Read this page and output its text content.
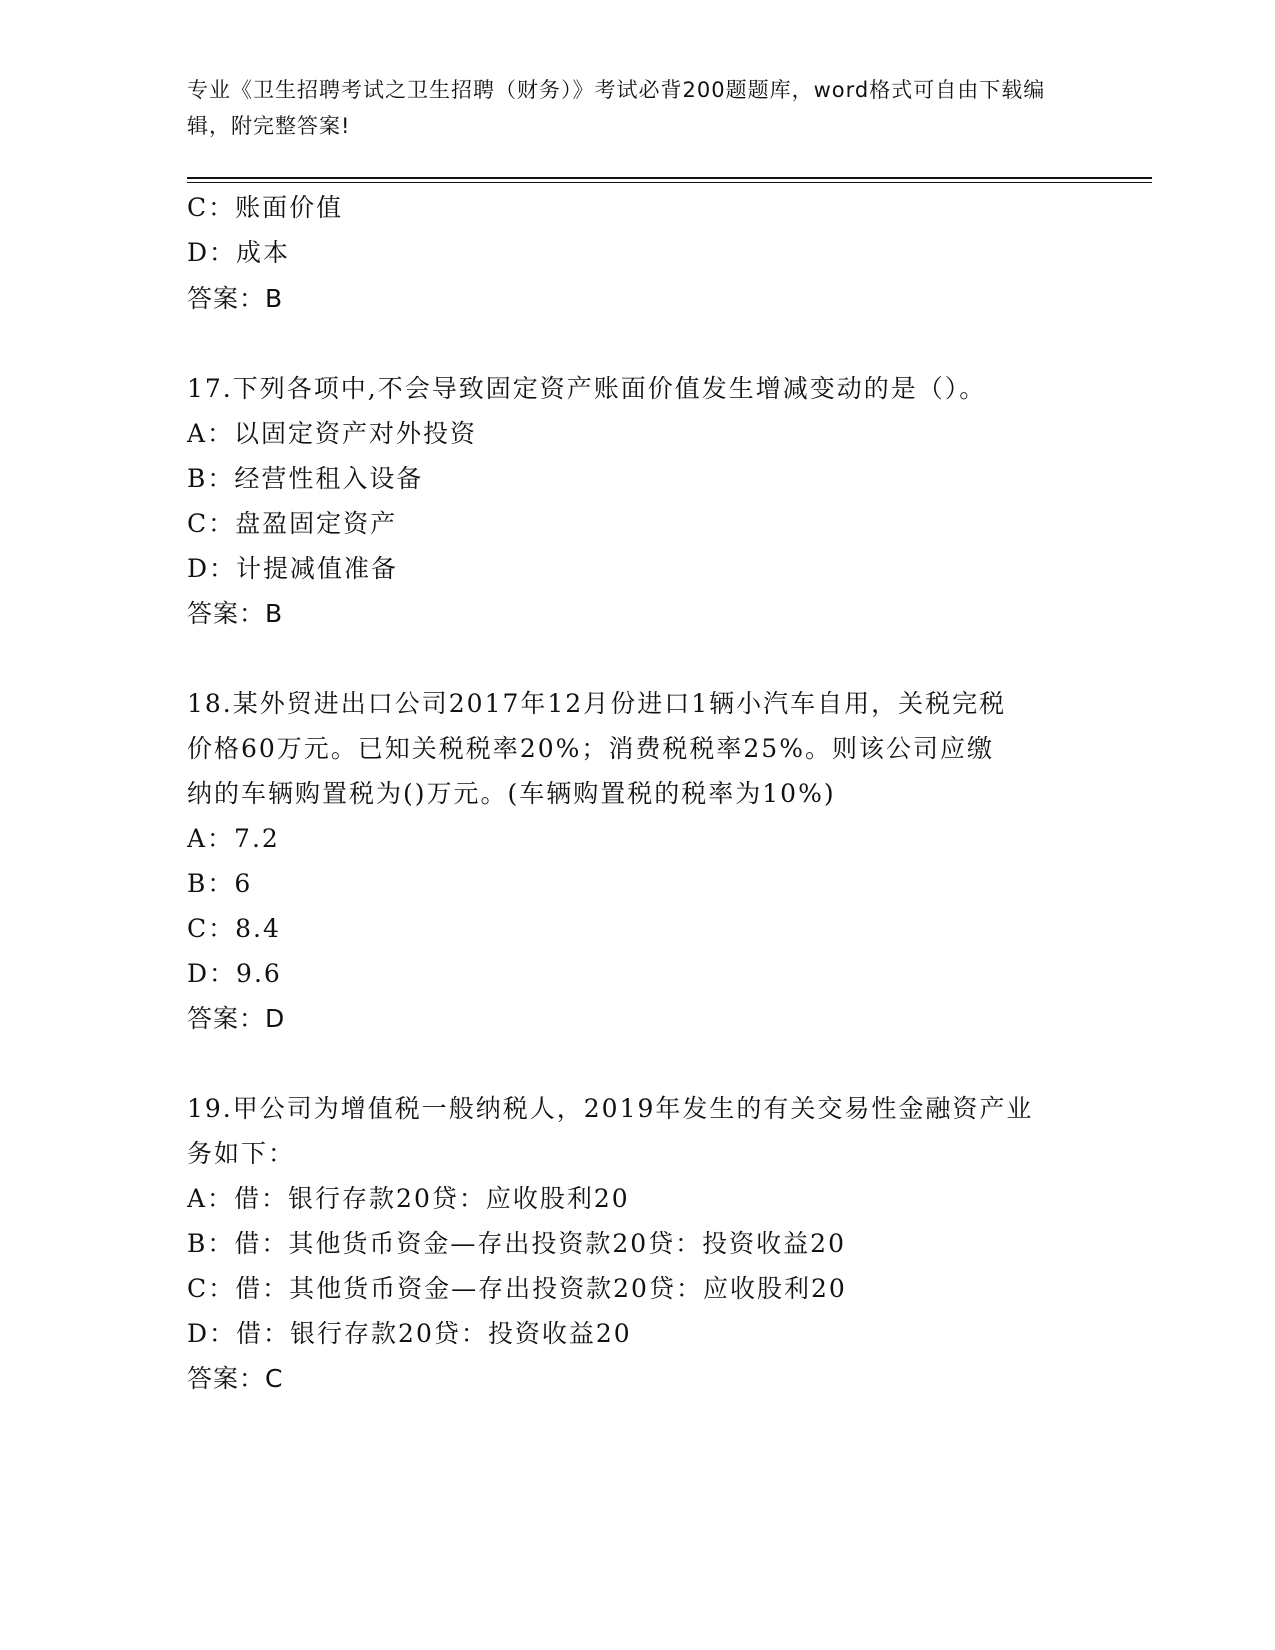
专业《卫生招聘考试之卫生招聘（财务）》考试必背200题题库，word格式可自由下载编辑，附完整答案!
C：账面价值
D：成本
答案：B
17.下列各项中,不会导致固定资产账面价值发生增减变动的是（）。
A：以固定资产对外投资
B：经营性租入设备
C：盘盈固定资产
D：计提减值准备
答案：B
18.某外贸进出口公司2017年12月份进口1辆小汽车自用，关税完税
价格60万元。已知关税税率20%；消费税税率25%。则该公司应缴
纳的车辆购置税为()万元。(车辆购置税的税率为10%)
A：7.2
B：6
C：8.4
D：9.6
答案：D
19.甲公司为增值税一般纳税人，2019年发生的有关交易性金融资产业
务如下：
A：借：银行存款20贷：应收股利20
B：借：其他货币资金—存出投资款20贷：投资收益20
C：借：其他货币资金—存出投资款20贷：应收股利20
D：借：银行存款20贷：投资收益20
答案：C
